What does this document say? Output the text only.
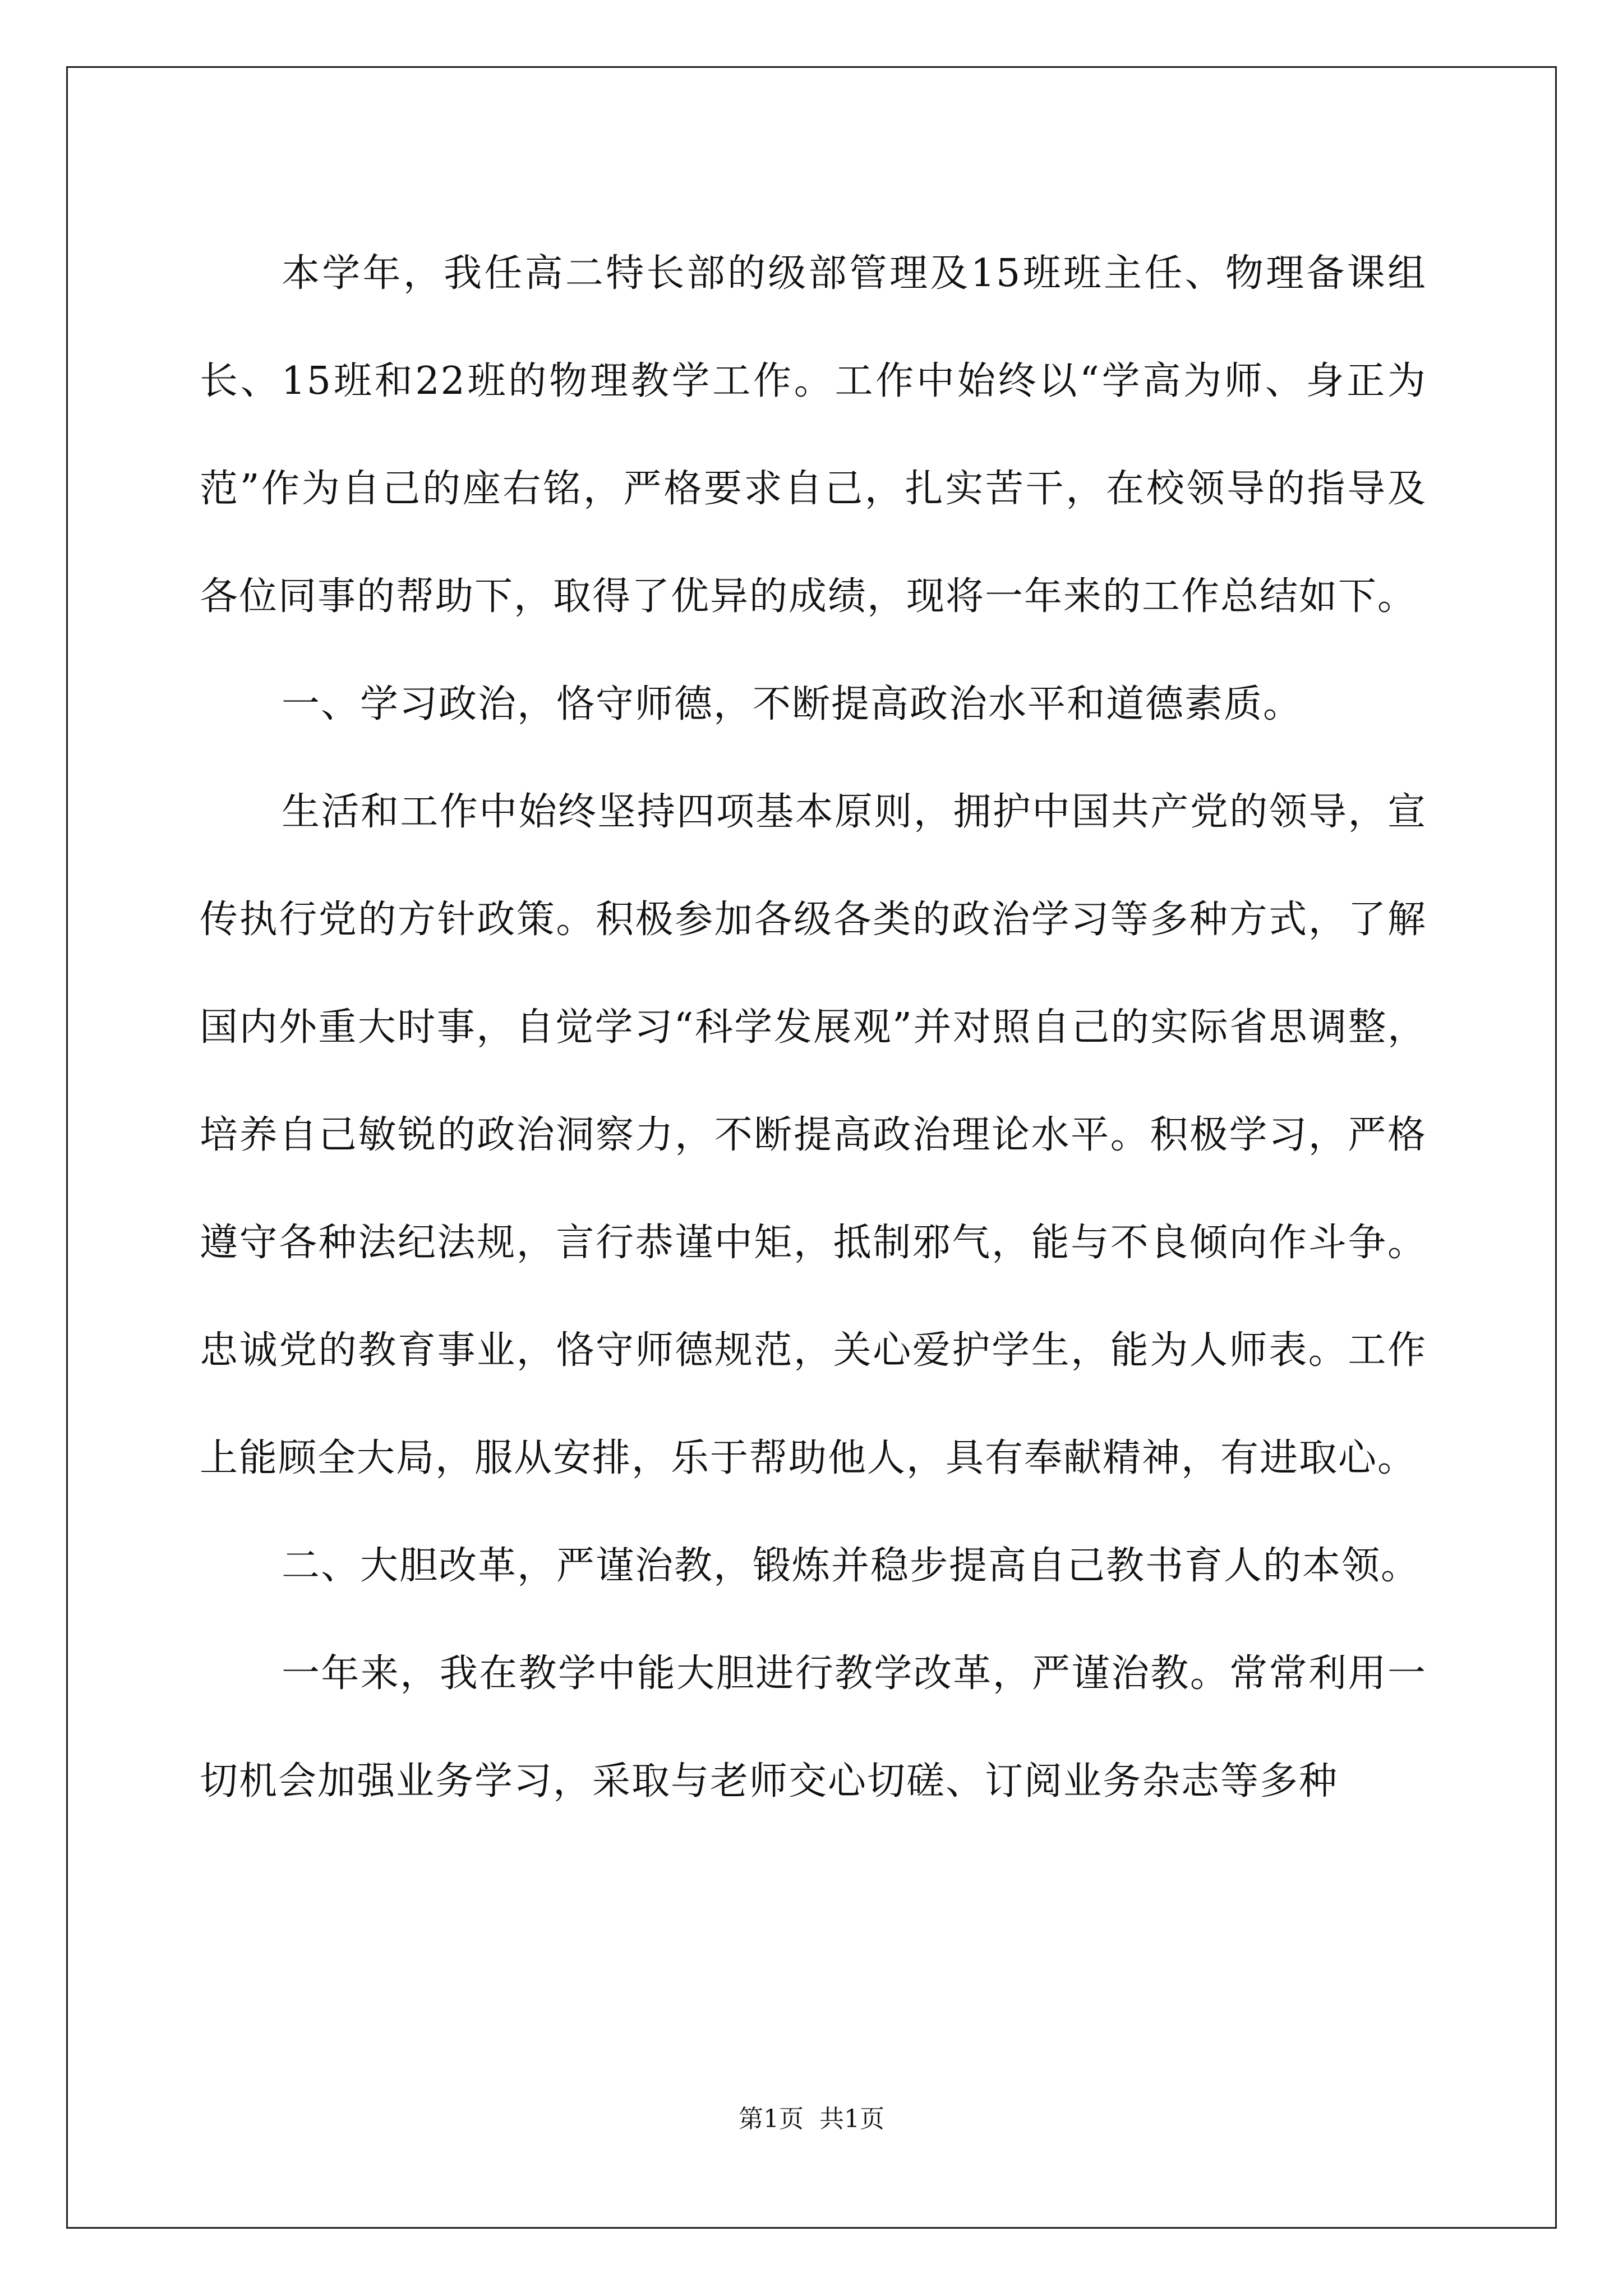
本学年，我任高二特长部的级部管理及15班班主任、物理备课组长、15班和22班的物理教学工作。工作中始终以“学高为师、身正为范”作为自己的座右铭，严格要求自己，扎实苦干，在校领导的指导及各位同事的帮助下，取得了优异的成绩，现将一年来的工作总结如下。

一、学习政治，恪守师德，不断提高政治水平和道德素质。

生活和工作中始终坚持四项基本原则，拥护中国共产党的领导，宣传执行党的方针政策。积极参加各级各类的政治学习等多种方式，了解国内外重大时事，自觉学习“科学发展观”并对照自己的实际省思调整，培养自己敏锐的政治洞察力，不断提高政治理论水平。积极学习，严格遵守各种法纪法规，言行恭谨中矩，抵制邪气，能与不良倾向作斗争。忠诚党的教育事业，恪守师德规范，关心爱护学生，能为人师表。工作上能顾全大局，服从安排，乐于帮助他人，具有奉献精神，有进取心。

二、大胆改革，严谨治教，锻炼并稳步提高自己教书育人的本领。

一年来，我在教学中能大胆进行教学改革，严谨治教。常常利用一切机会加强业务学习，采取与老师交心切磋、订阅业务杂志等多种

第1页 共1页
